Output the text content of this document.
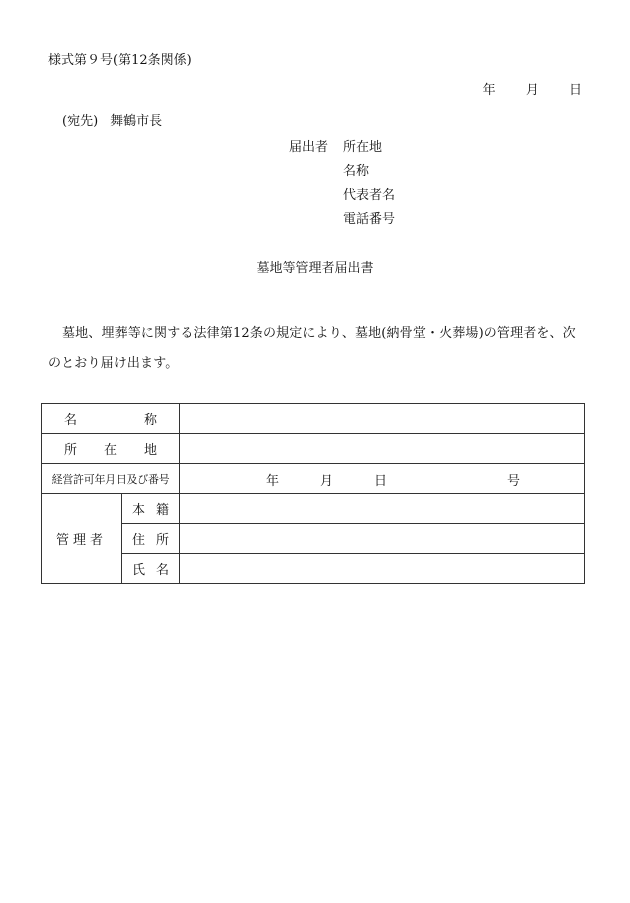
様式第９号(第12条関係)
年 月 日
(宛先) 舞鶴市長
届出者 所在地
名称
代表者名
電話番号
墓地等管理者届出書
墓地、埋葬等に関する法律第12条の規定により、墓地(納骨堂・火葬場)の管理者を、次のとおり届け出ます。
名　称		
所在地		
経営許可年月日及び番号		年 月 日 号

管理者	本籍	
	住所	
	氏名	
